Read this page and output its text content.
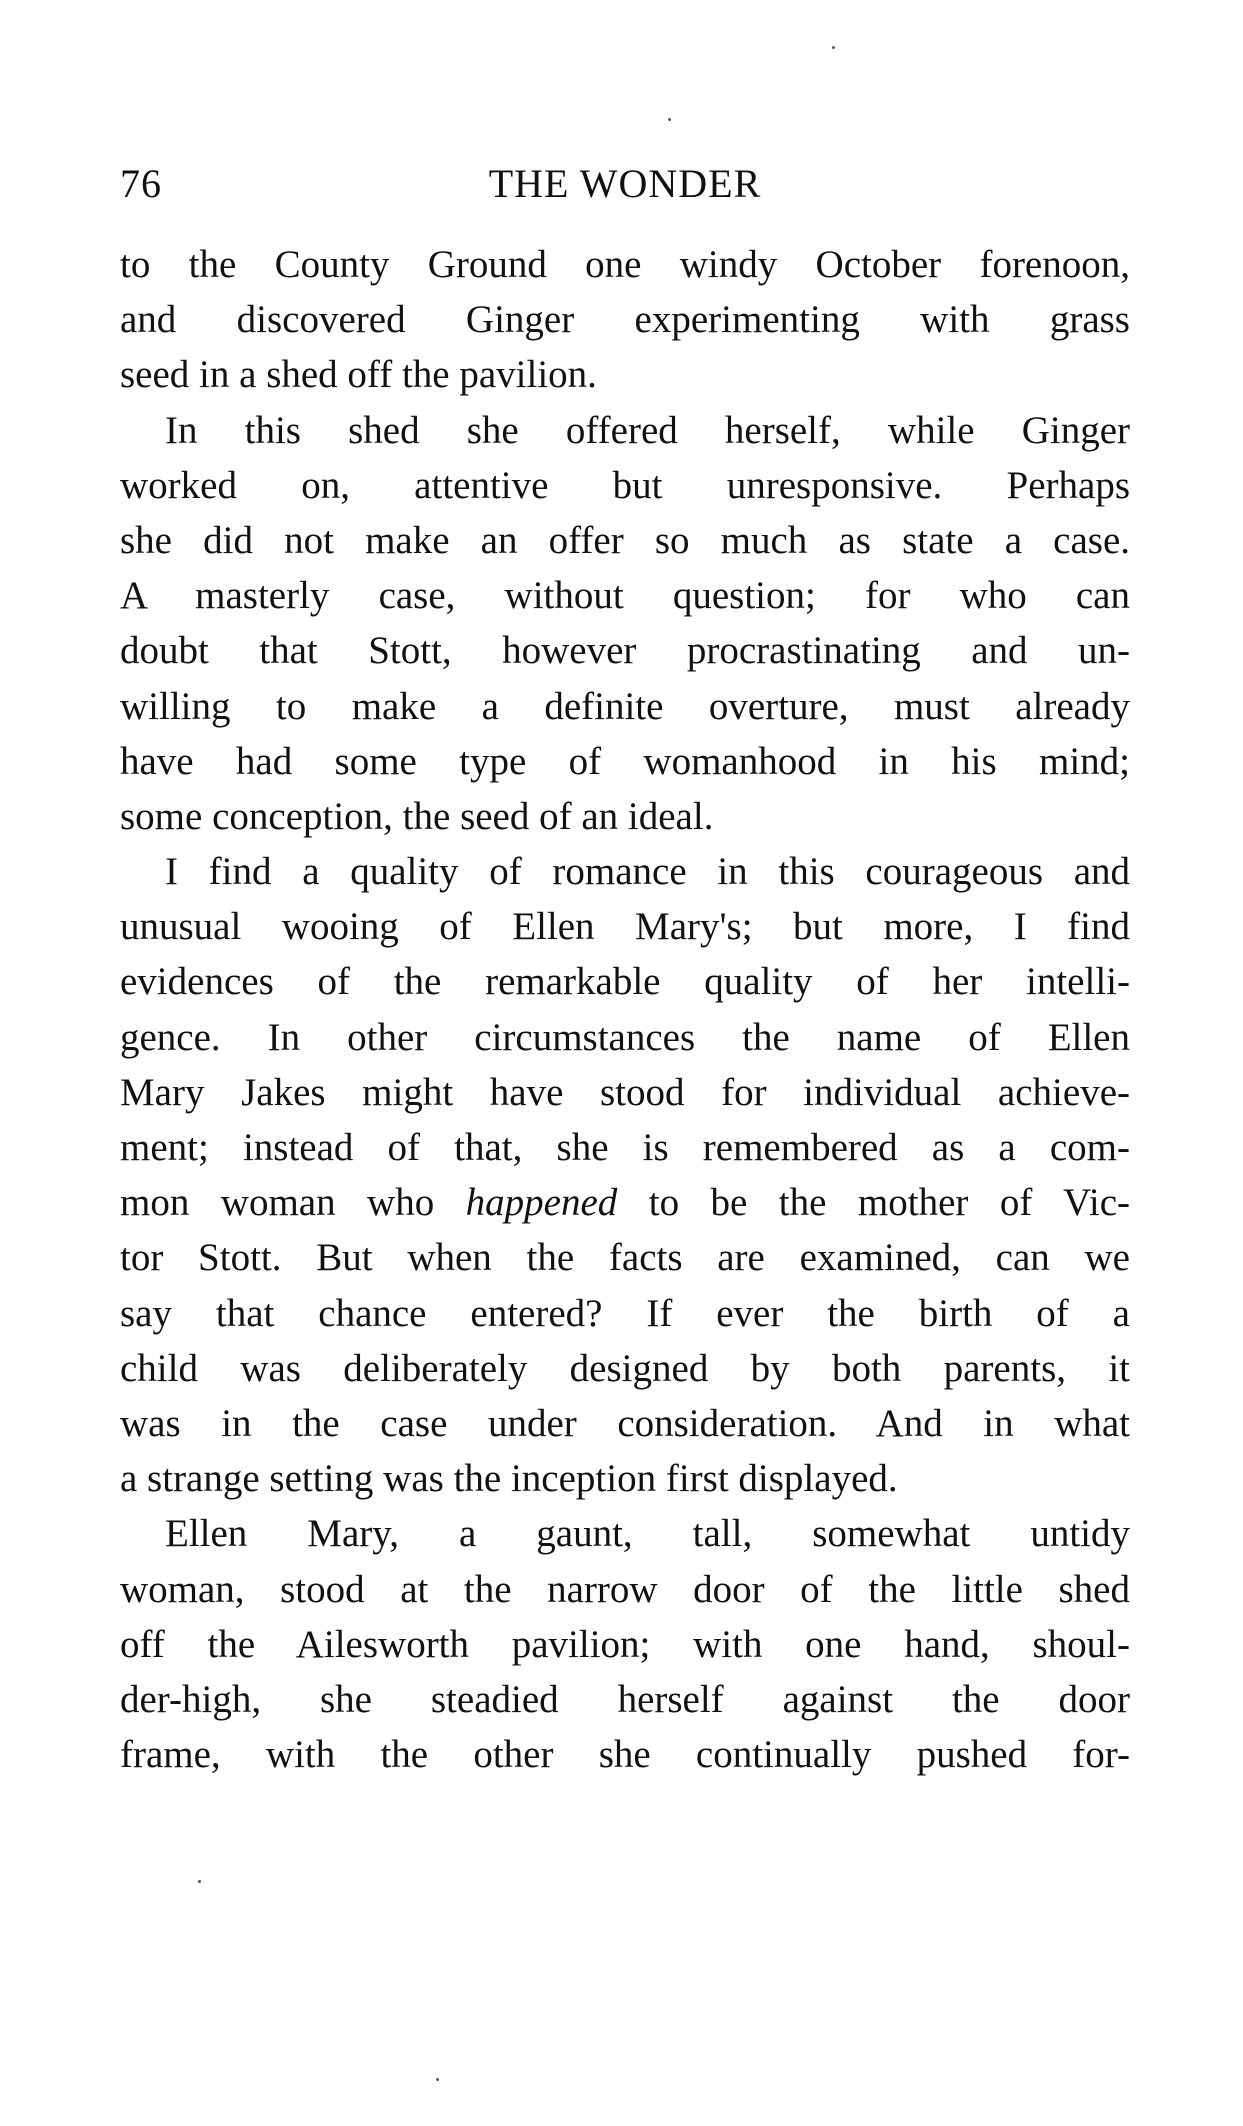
76	THE WONDER
to the County Ground one windy October forenoon,
and discovered Ginger experimenting with grass
seed in a shed off the pavilion.
In this shed she offered herself, while Ginger
worked on, attentive but unresponsive. Perhaps
she did not make an offer so much as state a case.
A masterly case, without question; for who can
doubt that Stott, however procrastinating and un-
willing to make a definite overture, must already
have had some type of womanhood in his mind;
some conception, the seed of an ideal.
I find a quality of romance in this courageous and
unusual wooing of Ellen Mary's; but more, I find
evidences of the remarkable quality of her intelli-
gence. In other circumstances the name of Ellen
Mary Jakes might have stood for individual achieve-
ment; instead of that, she is remembered as a com-
mon woman who happened to be the mother of Vic-
tor Stott. But when the facts are examined, can we
say that chance entered? If ever the birth of a
child was deliberately designed by both parents, it
was in the case under consideration. And in what
a strange setting was the inception first displayed.
Ellen Mary, a gaunt, tall, somewhat untidy
woman, stood at the narrow door of the little shed
off the Ailesworth pavilion; with one hand, shoul-
der-high, she steadied herself against the door
frame, with the other she continually pushed for-
